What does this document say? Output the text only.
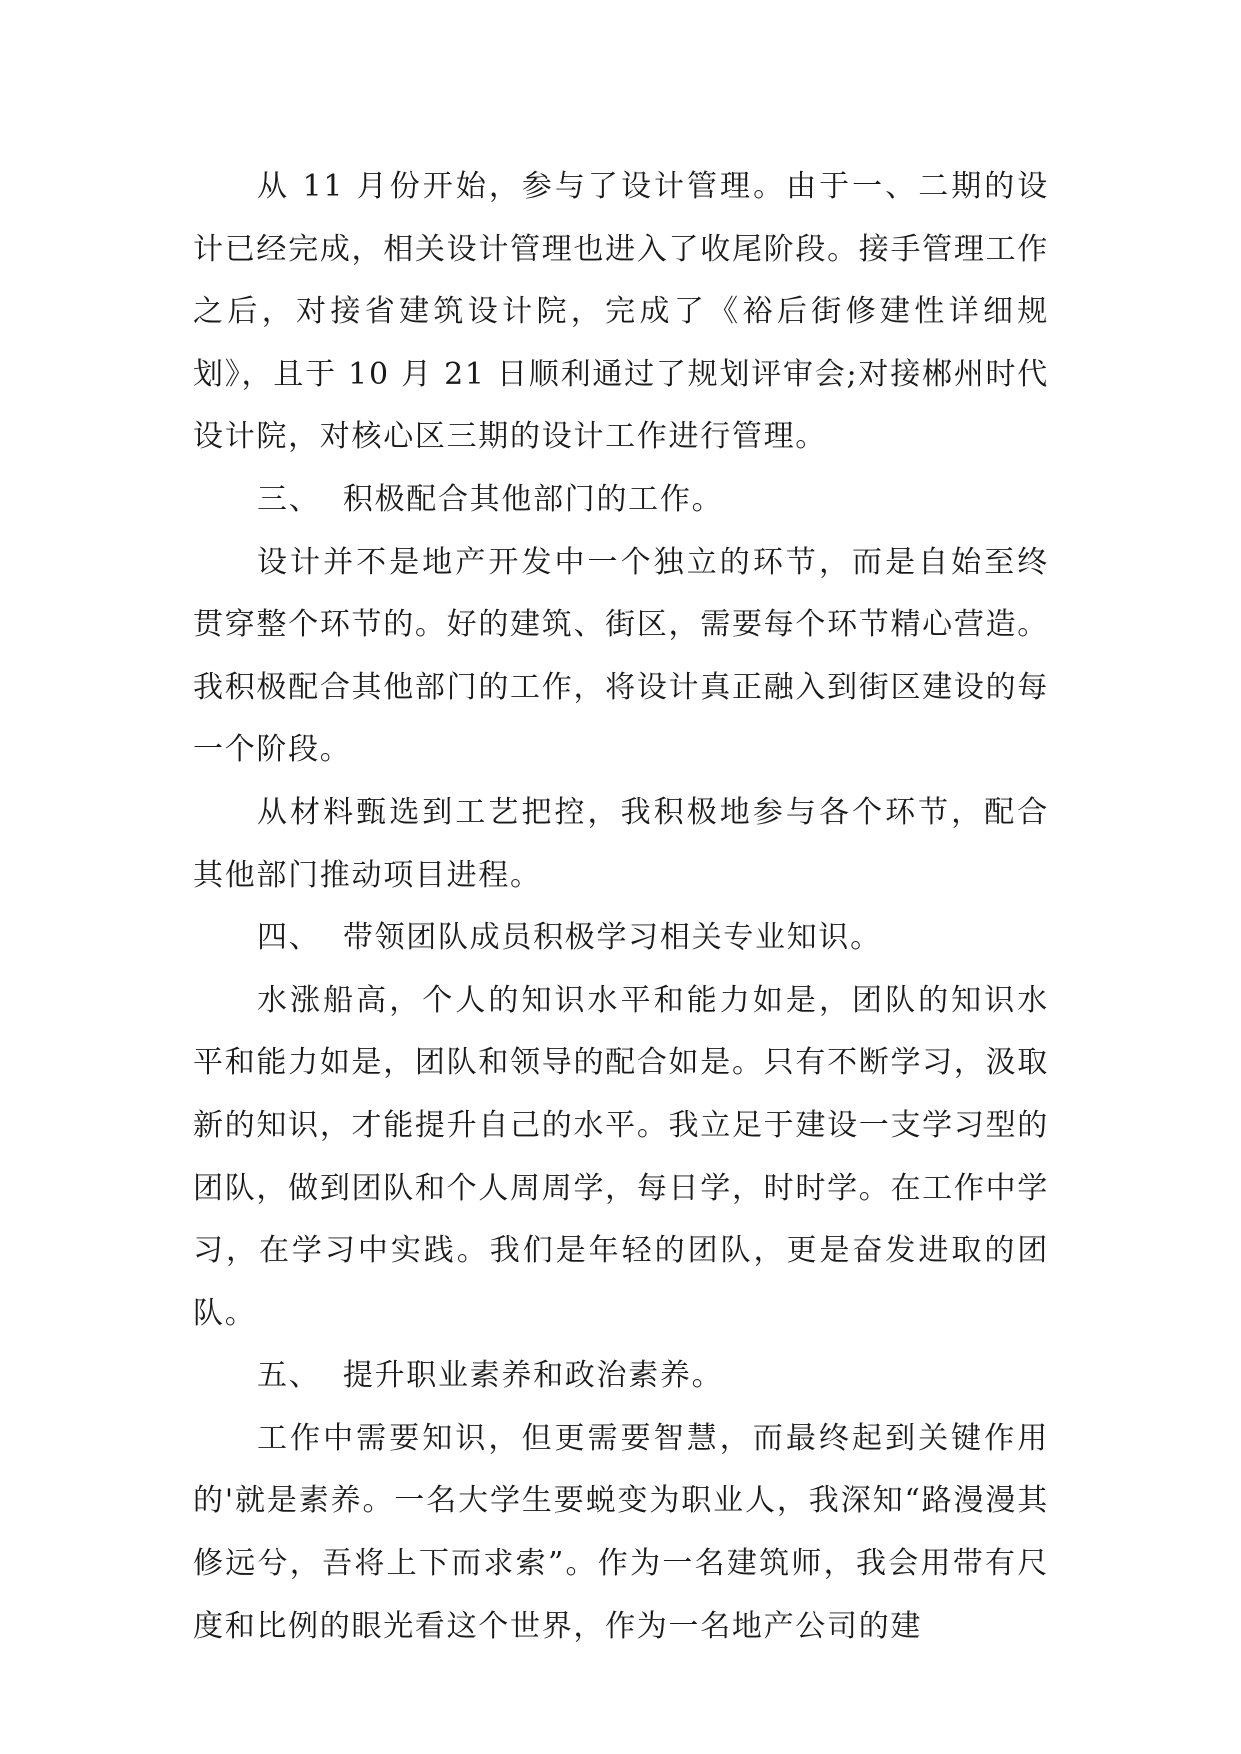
从 11 月份开始，参与了设计管理。由于一、二期的设计已经完成，相关设计管理也进入了收尾阶段。接手管理工作之后，对接省建筑设计院，完成了《裕后街修建性详细规划》，且于 10 月 21 日顺利通过了规划评审会;对接郴州时代设计院，对核心区三期的设计工作进行管理。

三、  积极配合其他部门的工作。

设计并不是地产开发中一个独立的环节，而是自始至终贯穿整个环节的。好的建筑、街区，需要每个环节精心营造。我积极配合其他部门的工作，将设计真正融入到街区建设的每一个阶段。

从材料甄选到工艺把控，我积极地参与各个环节，配合其他部门推动项目进程。

四、  带领团队成员积极学习相关专业知识。

水涨船高，个人的知识水平和能力如是，团队的知识水平和能力如是，团队和领导的配合如是。只有不断学习，汲取新的知识，才能提升自己的水平。我立足于建设一支学习型的团队，做到团队和个人周周学，每日学，时时学。在工作中学习，在学习中实践。我们是年轻的团队，更是奋发进取的团队。

五、  提升职业素养和政治素养。

工作中需要知识，但更需要智慧，而最终起到关键作用的'就是素养。一名大学生要蜕变为职业人，我深知“路漫漫其修远兮，吾将上下而求索”。作为一名建筑师，我会用带有尺度和比例的眼光看这个世界，作为一名地产公司的建
